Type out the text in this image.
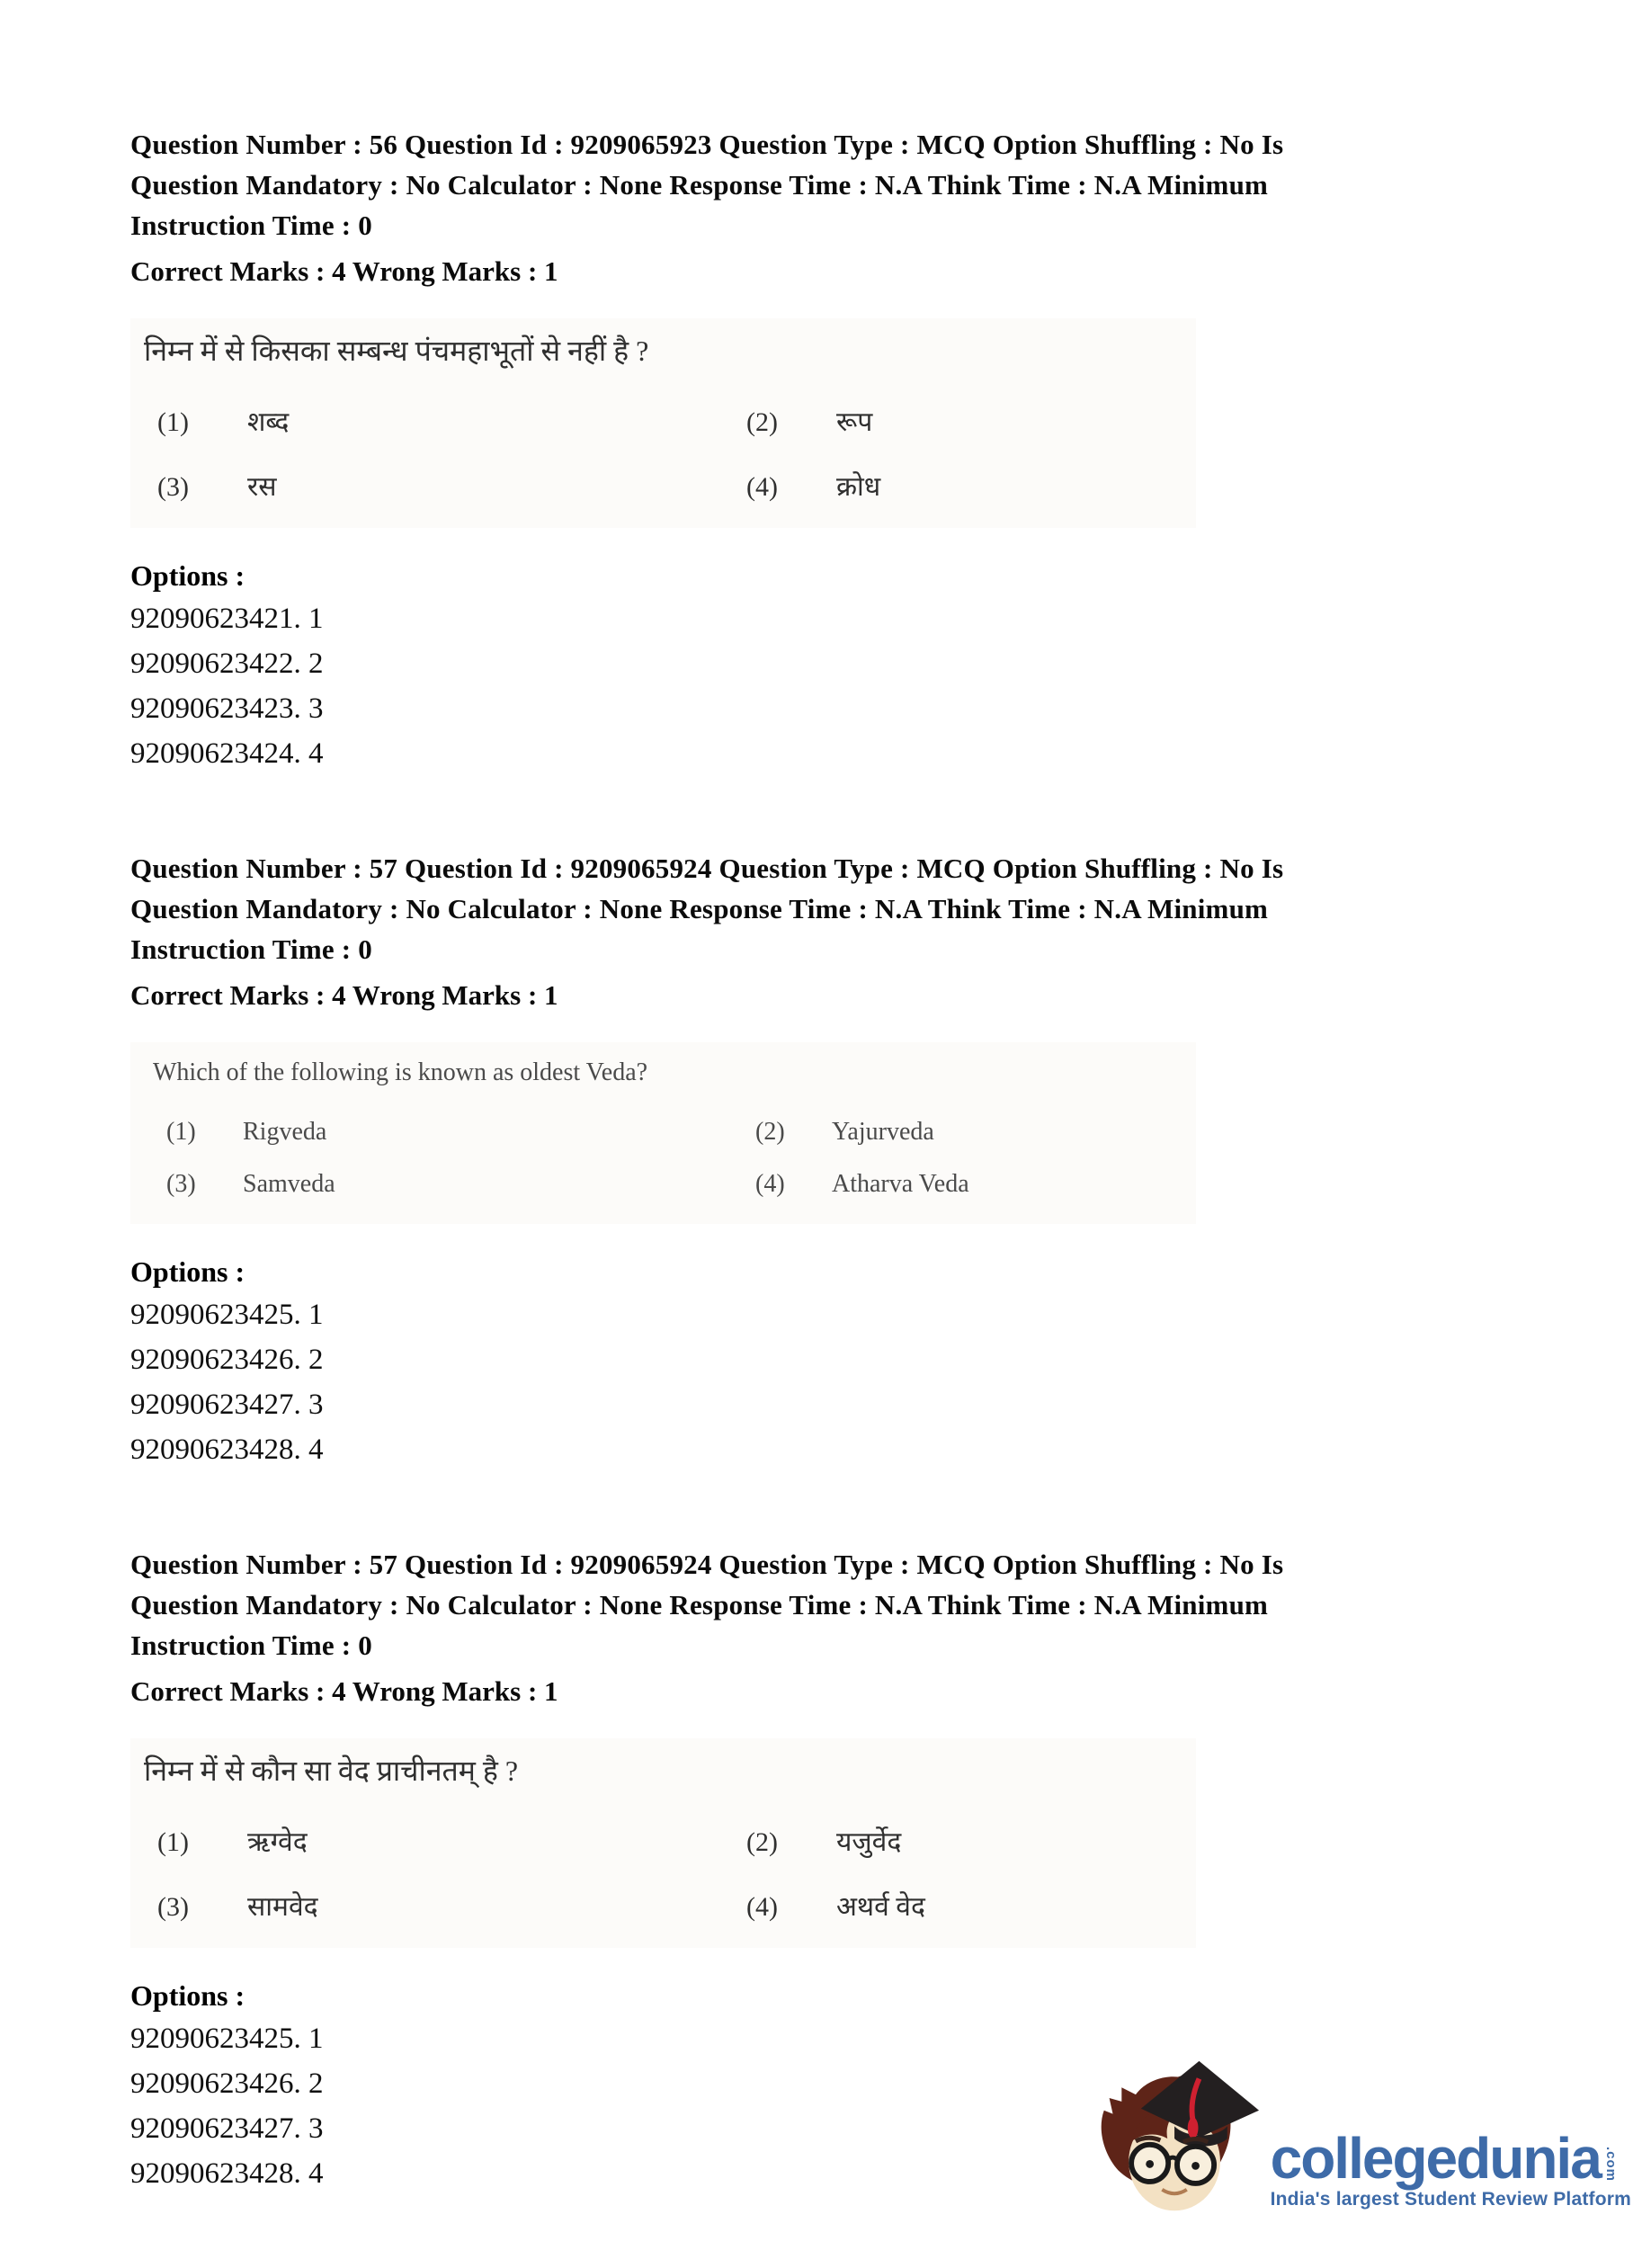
Question Number : 56 Question Id : 9209065923 Question Type : MCQ Option Shuffling : No Is
Question Mandatory : No Calculator : None Response Time : N.A Think Time : N.A Minimum
Instruction Time : 0
Correct Marks : 4 Wrong Marks : 1
निम्न में से किसका सम्बन्ध पंचमहाभूतों से नहीं है ?
(1)	शब्द	(2)	रूप
(3)	रस	(4)	क्रोध
Options :
92090623421. 1
92090623422. 2
92090623423. 3
92090623424. 4
Question Number : 57 Question Id : 9209065924 Question Type : MCQ Option Shuffling : No Is
Question Mandatory : No Calculator : None Response Time : N.A Think Time : N.A Minimum
Instruction Time : 0
Correct Marks : 4 Wrong Marks : 1
Which of the following is known as oldest Veda?
(1)	Rigveda	(2)	Yajurveda
(3)	Samveda	(4)	Atharva Veda
Options :
92090623425. 1
92090623426. 2
92090623427. 3
92090623428. 4
Question Number : 57 Question Id : 9209065924 Question Type : MCQ Option Shuffling : No Is
Question Mandatory : No Calculator : None Response Time : N.A Think Time : N.A Minimum
Instruction Time : 0
Correct Marks : 4 Wrong Marks : 1
निम्न में से कौन सा वेद प्राचीनतम् है ?
(1)	ऋग्वेद	(2)	यजुर्वेद
(3)	सामवेद	(4)	अथर्व वेद
Options :
92090623425. 1
92090623426. 2
92090623427. 3
92090623428. 4	collegedunia .com
India's largest Student Review Platform
